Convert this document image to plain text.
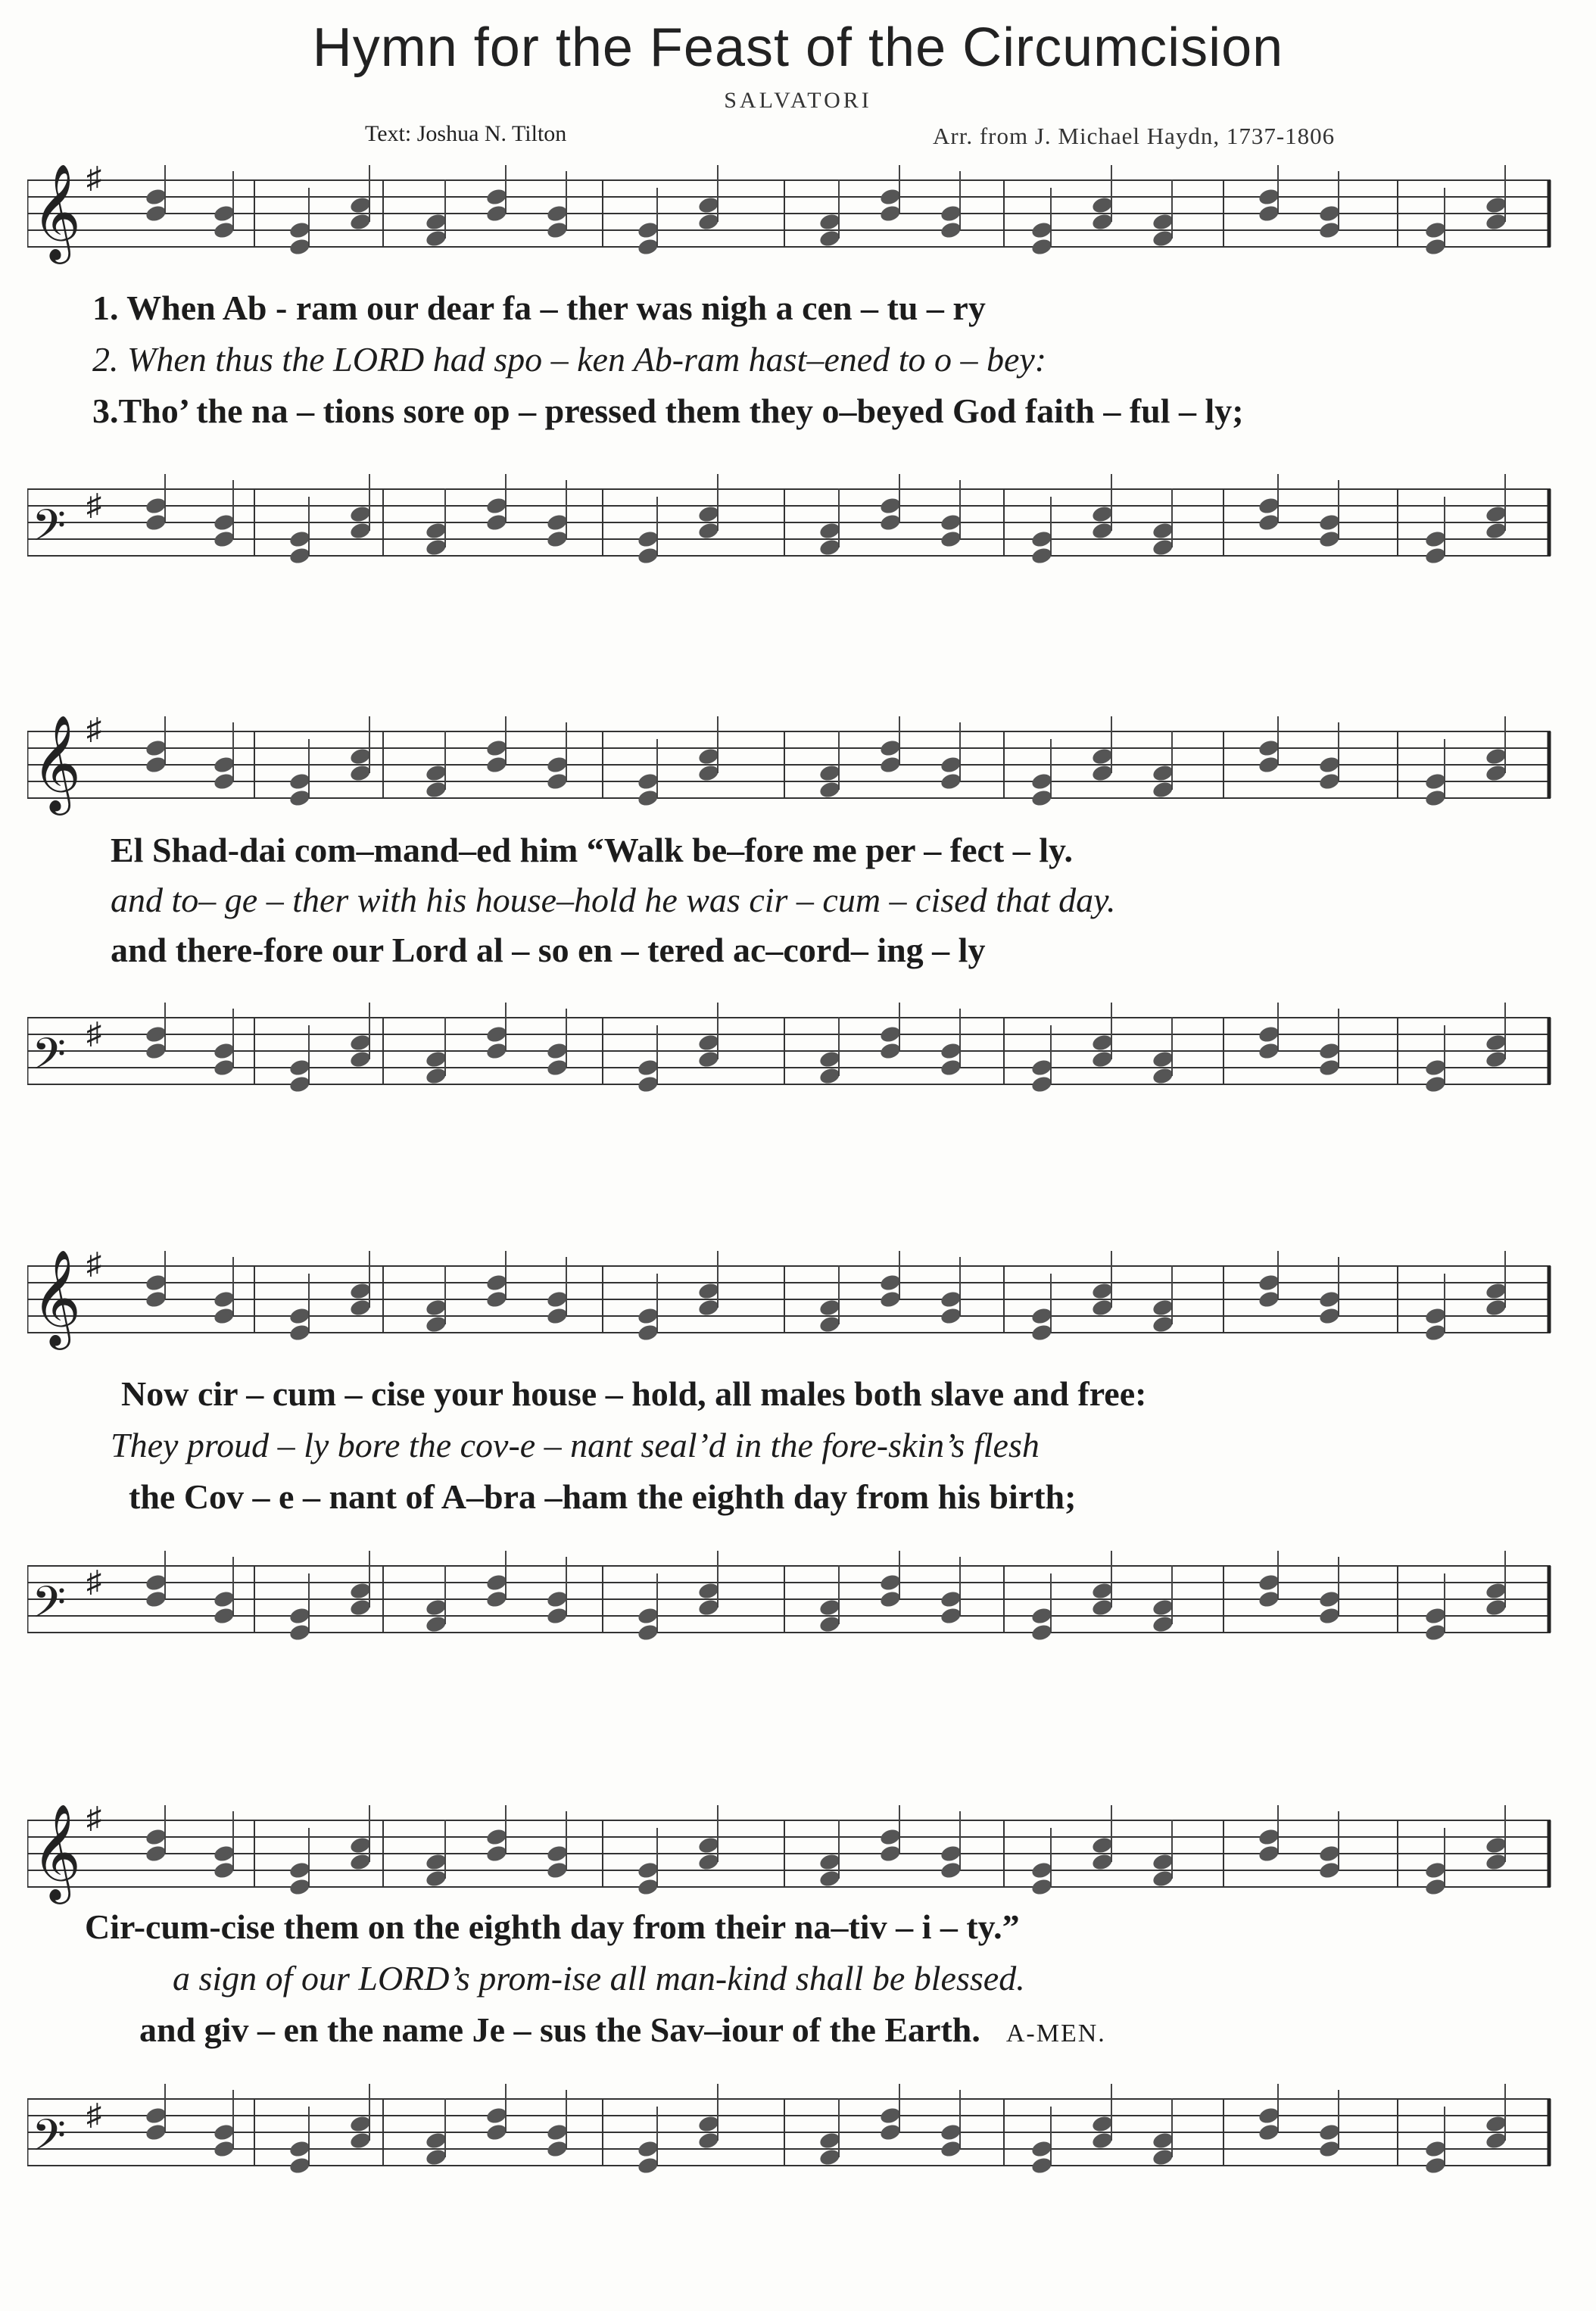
Hymn for the Feast of the Circumcision
SALVATORI
Text: Joshua N. Tilton	Arr. from J. Michael Haydn, 1737-1806
𝄞 ♯
1. When Ab - ram our dear fa – ther was nigh a cen – tu – ry
2. When thus the LORD had spo – ken Ab-ram hast–ened to o – bey:
3.Tho’ the na – tions sore op – pressed them they o–beyed God faith – ful – ly;
𝄢 ♯
𝄞 ♯
El Shad-dai com–mand–ed him “Walk be–fore me per – fect – ly.
and to– ge – ther with his house–hold he was cir – cum – cised that day.
and there-fore our Lord al – so en – tered ac–cord– ing – ly
𝄢 ♯
𝄞 ♯
Now cir – cum – cise your house – hold, all males both slave and free:
They proud – ly bore the cov-e – nant seal’d in the fore-skin’s flesh
the Cov – e – nant of A–bra –ham the eighth day from his birth;
𝄢 ♯
𝄞 ♯
Cir-cum-cise them on the eighth day from their na–tiv – i – ty.”
a sign of our LORD’s prom-ise all man-kind shall be blessed.
and giv – en the name Je – sus the Sav–iour of the Earth. A-MEN.
𝄢 ♯
